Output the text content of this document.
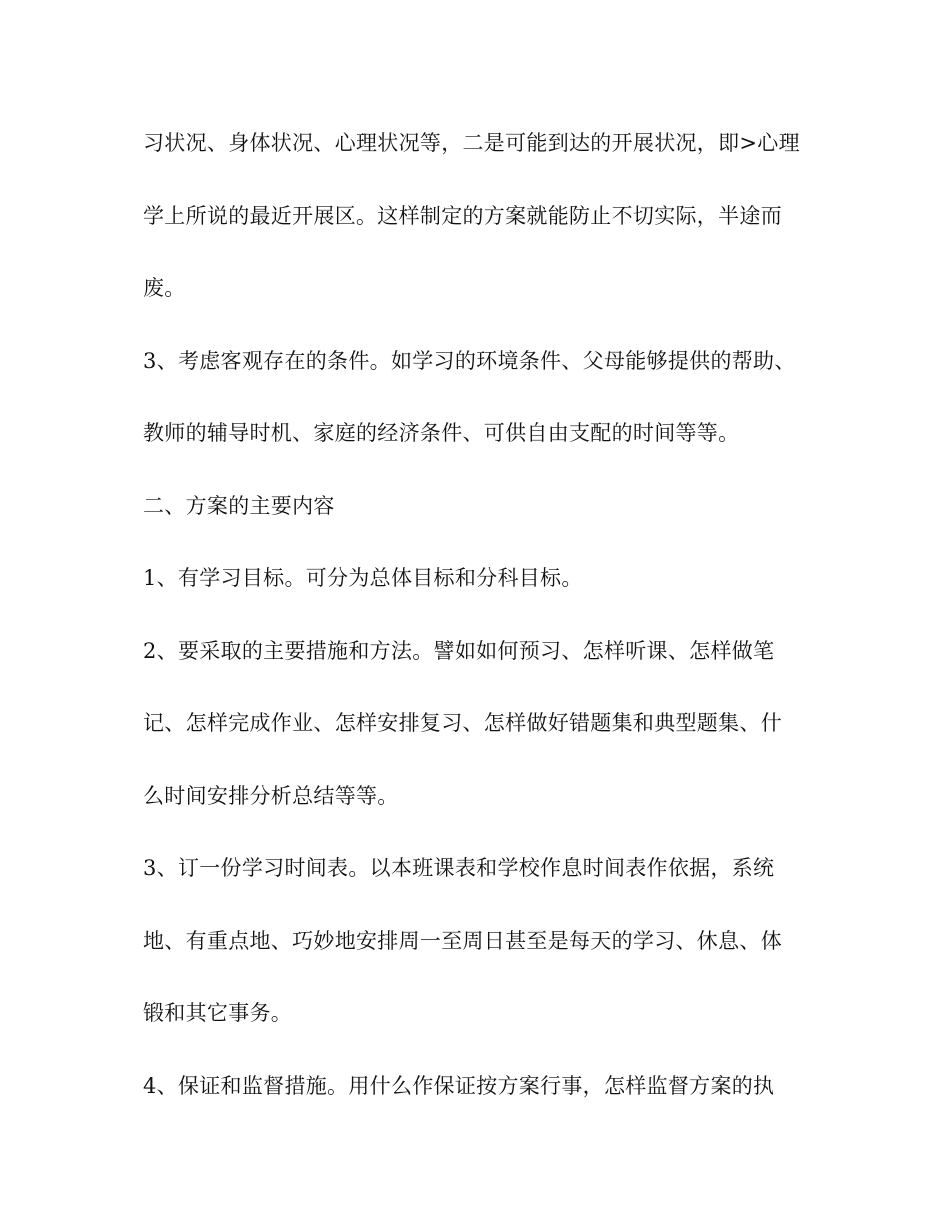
习状况、身体状况、心理状况等，二是可能到达的开展状况，即>心理
学上所说的最近开展区。这样制定的方案就能防止不切实际，半途而
废。
3、考虑客观存在的条件。如学习的环境条件、父母能够提供的帮助、
教师的辅导时机、家庭的经济条件、可供自由支配的时间等等。
二、方案的主要内容
1、有学习目标。可分为总体目标和分科目标。
2、要采取的主要措施和方法。譬如如何预习、怎样听课、怎样做笔
记、怎样完成作业、怎样安排复习、怎样做好错题集和典型题集、什
么时间安排分析总结等等。
3、订一份学习时间表。以本班课表和学校作息时间表作依据，系统
地、有重点地、巧妙地安排周一至周日甚至是每天的学习、休息、体
锻和其它事务。
4、保证和监督措施。用什么作保证按方案行事，怎样监督方案的执
